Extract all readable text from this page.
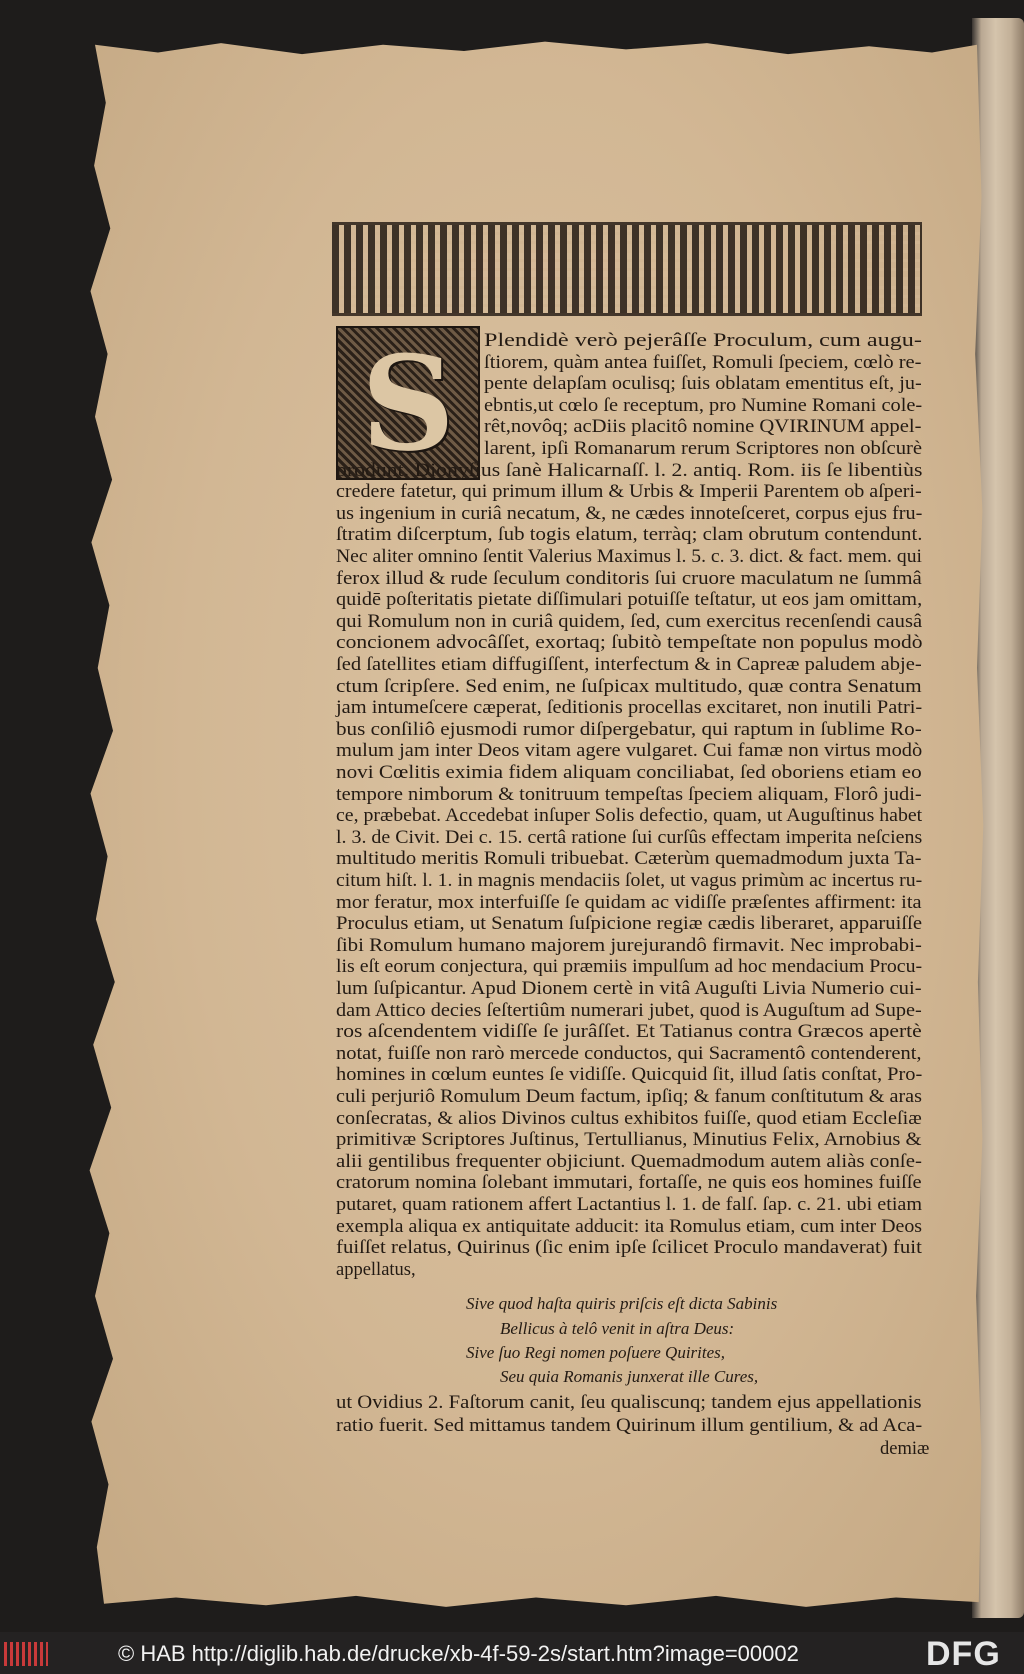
S	Plendidè verò pejerâſſe Proculum, cum augu-
ſtiorem, quàm antea fuiſſet, Romuli ſpeciem, cœlò re-
pente delapſam oculisq; ſuis oblatam ementitus eſt, ju-
ebntis,ut cœlo ſe receptum, pro Numine Romani cole-
rêt,novôq; acDiis placitô nomine QVIRINUM appel-
larent, ipſi Romanarum rerum Scriptores non obſcurè
produnt. Dionyſius ſanè Halicarnaſſ. l. 2. antiq. Rom. iis ſe libentiùs
credere fatetur, qui primum illum & Urbis & Imperii Parentem ob aſperi-
us ingenium in curiâ necatum, &, ne cædes innoteſceret, corpus ejus fru-
ſtratim diſcerptum, ſub togis elatum, terràq; clam obrutum contendunt.
Nec aliter omnino ſentit Valerius Maximus l. 5. c. 3. dict. & fact. mem. qui
ferox illud & rude ſeculum conditoris ſui cruore maculatum ne ſummâ
quidē poſteritatis pietate diſſimulari potuiſſe teſtatur, ut eos jam omittam,
qui Romulum non in curiâ quidem, ſed, cum exercitus recenſendi causâ
concionem advocâſſet, exortaq; ſubitò tempeſtate non populus modò
ſed ſatellites etiam diffugiſſent, interfectum & in Capreæ paludem abje-
ctum ſcripſere. Sed enim, ne ſuſpicax multitudo, quæ contra Senatum
jam intumeſcere cæperat, ſeditionis procellas excitaret, non inutili Patri-
bus conſiliô ejusmodi rumor diſpergebatur, qui raptum in ſublime Ro-
mulum jam inter Deos vitam agere vulgaret. Cui famæ non virtus modò
novi Cœlitis eximia fidem aliquam conciliabat, ſed oboriens etiam eo
tempore nimborum & tonitruum tempeſtas ſpeciem aliquam, Florô judi-
ce, præbebat. Accedebat inſuper Solis defectio, quam, ut Auguſtinus habet
l. 3. de Civit. Dei c. 15. certâ ratione ſui curſûs effectam imperita neſciens
multitudo meritis Romuli tribuebat. Cæterùm quemadmodum juxta Ta-
citum hiſt. l. 1. in magnis mendaciis ſolet, ut vagus primùm ac incertus ru-
mor feratur, mox interfuiſſe ſe quidam ac vidiſſe præſentes affirment: ita
Proculus etiam, ut Senatum ſuſpicione regiæ cædis liberaret, apparuiſſe
ſibi Romulum humano majorem jurejurandô firmavit. Nec improbabi-
lis eſt eorum conjectura, qui præmiis impulſum ad hoc mendacium Procu-
lum ſuſpicantur. Apud Dionem certè in vitâ Auguſti Livia Numerio cui-
dam Attico decies ſeſtertiûm numerari jubet, quod is Auguſtum ad Supe-
ros aſcendentem vidiſſe ſe jurâſſet. Et Tatianus contra Græcos apertè
notat, fuiſſe non rarò mercede conductos, qui Sacramentô contenderent,
homines in cœlum euntes ſe vidiſſe. Quicquid ſit, illud ſatis conſtat, Pro-
culi perjuriô Romulum Deum factum, ipſiq; & fanum conſtitutum & aras
conſecratas, & alios Divinos cultus exhibitos fuiſſe, quod etiam Eccleſiæ
primitivæ Scriptores Juſtinus, Tertullianus, Minutius Felix, Arnobius &
alii gentilibus frequenter objiciunt. Quemadmodum autem aliàs conſe-
cratorum nomina ſolebant immutari, fortaſſe, ne quis eos homines fuiſſe
putaret, quam rationem affert Lactantius l. 1. de falſ. ſap. c. 21. ubi etiam
exempla aliqua ex antiquitate adducit: ita Romulus etiam, cum inter Deos
fuiſſet relatus, Quirinus (ſic enim ipſe ſcilicet Proculo mandaverat) fuit
appellatus,
Sive quod haſta quiris priſcis eſt dicta Sabinis
Bellicus à telô venit in aſtra Deus:
Sive ſuo Regi nomen poſuere Quirites,
Seu quia Romanis junxerat ille Cures,
ut Ovidius 2. Faſtorum canit, ſeu qualiscunq; tandem ejus appellationis
ratio fuerit. Sed mittamus tandem Quirinum illum gentilium, & ad Aca-
demiæ
© HAB http://diglib.hab.de/drucke/xb-4f-59-2s/start.htm?image=00002	DFG
